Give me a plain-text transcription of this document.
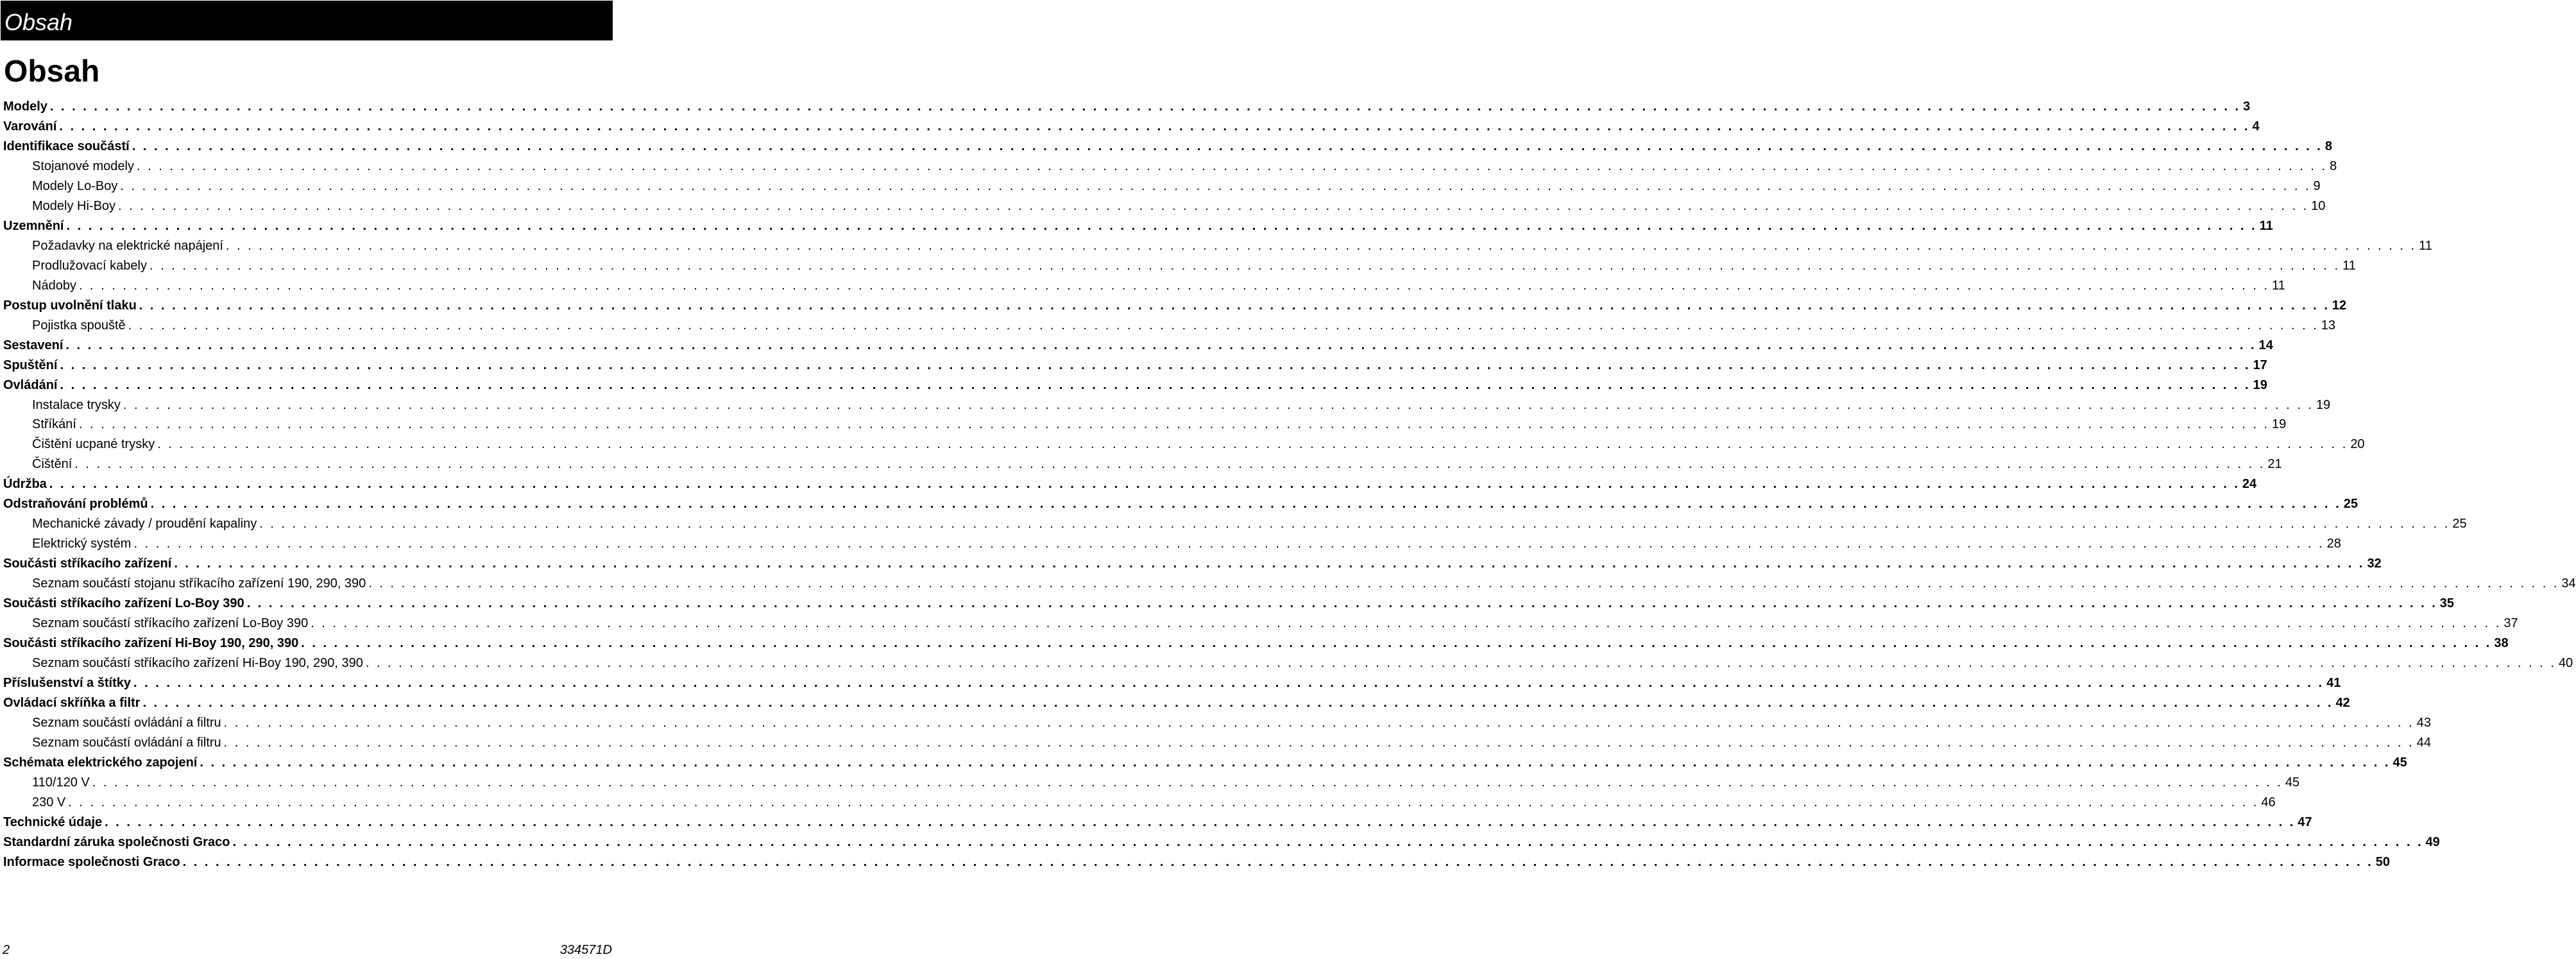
Obsah
Obsah
Modely . . . . . . . . . . . . . . . . . . . . . . . . . . . . . . . . . . . . . . . . . . . . . . . . . . . . . . . . . . . . . . . . . . . . . . . . . . . . . . . . . . . . . . . . . . . . . . . . . . . . . . . . . . . . . . . . . . . . . . . . . . . . . . . . . . . . . . . . . . . . . . . . . . . . . . . . . . . . . . . . . . . . . . . . . . . . . . . . . . . . . . . . . . . . . . . . . . . . . . . . 3
Varování . . . . . . . . . . . . . . . . . . . . . . . . . . . . . . . . . . . . . . . . . . . . . . . . . . . . . . . . . . . . . . . . . . . . . . . . . . . . . . . . . . . . . . . . . . . . . . . . . . . . . . . . . . . . . . . . . . . . . . . . . . . . . . . . . . . . . . . . . . . . . . . . . . . . . . . . . . . . . . . . . . . . . . . . . . . . . . . . . . . . . . . . . . . . . . . . . . . . . . . . 4
Identifikace součástí . . . . . . . . . . . . . . . . . . . . . . . . . . . . . . . . . . . . . . . . . . . . . . . . . . . . . . . . . . . . . . . . . . . . . . . . . . . . . . . . . . . . . . . . . . . . . . . . . . . . . . . . . . . . . . . . . . . . . . . . . . . . . . . . . . . . . . . . . . . . . . . . . . . . . . . . . . . . . . . . . . . . . . . . . . . . . . . . . . . . . . . . . . . . . . . . . . . . . . . . 8
Stojanové modely . . . . . . . . . . . . . . . . . . . . . . . . . . . . . . . . . . . . . . . . . . . . . . . . . . . . . . . . . . . . . . . . . . . . . . . . . . . . . . . . . . . . . . . . . . . . . . . . . . . . . . . . . . . . . . . . . . . . . . . . . . . . . . . . . . . . . . . . . . . . . . . . . . . . . . . . . . . . . . . . . . . . . . . . . . . . . . . . . . . . . . . . . . . . . . . . . . . . . . . . 8
Modely Lo-Boy . . . . . . . . . . . . . . . . . . . . . . . . . . . . . . . . . . . . . . . . . . . . . . . . . . . . . . . . . . . . . . . . . . . . . . . . . . . . . . . . . . . . . . . . . . . . . . . . . . . . . . . . . . . . . . . . . . . . . . . . . . . . . . . . . . . . . . . . . . . . . . . . . . . . . . . . . . . . . . . . . . . . . . . . . . . . . . . . . . . . . . . . . . . . . . . . . . . . . . . . 9
Modely Hi-Boy . . . . . . . . . . . . . . . . . . . . . . . . . . . . . . . . . . . . . . . . . . . . . . . . . . . . . . . . . . . . . . . . . . . . . . . . . . . . . . . . . . . . . . . . . . . . . . . . . . . . . . . . . . . . . . . . . . . . . . . . . . . . . . . . . . . . . . . . . . . . . . . . . . . . . . . . . . . . . . . . . . . . . . . . . . . . . . . . . . . . . . . . . . . . . . . . . . . . . . . . 10
Uzemnění . . . . . . . . . . . . . . . . . . . . . . . . . . . . . . . . . . . . . . . . . . . . . . . . . . . . . . . . . . . . . . . . . . . . . . . . . . . . . . . . . . . . . . . . . . . . . . . . . . . . . . . . . . . . . . . . . . . . . . . . . . . . . . . . . . . . . . . . . . . . . . . . . . . . . . . . . . . . . . . . . . . . . . . . . . . . . . . . . . . . . . . . . . . . . . . . . . . . . . . . 11
Požadavky na elektrické napájení . . . . . . . . . . . . . . . . . . . . . . . . . . . . . . . . . . . . . . . . . . . . . . . . . . . . . . . . . . . . . . . . . . . . . . . . . . . . . . . . . . . . . . . . . . . . . . . . . . . . . . . . . . . . . . . . . . . . . . . . . . . . . . . . . . . . . . . . . . . . . . . . . . . . . . . . . . . . . . . . . . . . . . . . . . . . . . . . . . . . . . . . . . . . . . . . . . . . . . . . 11
Prodlužovací kabely . . . . . . . . . . . . . . . . . . . . . . . . . . . . . . . . . . . . . . . . . . . . . . . . . . . . . . . . . . . . . . . . . . . . . . . . . . . . . . . . . . . . . . . . . . . . . . . . . . . . . . . . . . . . . . . . . . . . . . . . . . . . . . . . . . . . . . . . . . . . . . . . . . . . . . . . . . . . . . . . . . . . . . . . . . . . . . . . . . . . . . . . . . . . . . . . . . . . . . . . 11
Nádoby . . . . . . . . . . . . . . . . . . . . . . . . . . . . . . . . . . . . . . . . . . . . . . . . . . . . . . . . . . . . . . . . . . . . . . . . . . . . . . . . . . . . . . . . . . . . . . . . . . . . . . . . . . . . . . . . . . . . . . . . . . . . . . . . . . . . . . . . . . . . . . . . . . . . . . . . . . . . . . . . . . . . . . . . . . . . . . . . . . . . . . . . . . . . . . . . . . . . . . . . 11
Postup uvolnění tlaku . . . . . . . . . . . . . . . . . . . . . . . . . . . . . . . . . . . . . . . . . . . . . . . . . . . . . . . . . . . . . . . . . . . . . . . . . . . . . . . . . . . . . . . . . . . . . . . . . . . . . . . . . . . . . . . . . . . . . . . . . . . . . . . . . . . . . . . . . . . . . . . . . . . . . . . . . . . . . . . . . . . . . . . . . . . . . . . . . . . . . . . . . . . . . . . . . . . . . . . . 12
Pojistka spouště . . . . . . . . . . . . . . . . . . . . . . . . . . . . . . . . . . . . . . . . . . . . . . . . . . . . . . . . . . . . . . . . . . . . . . . . . . . . . . . . . . . . . . . . . . . . . . . . . . . . . . . . . . . . . . . . . . . . . . . . . . . . . . . . . . . . . . . . . . . . . . . . . . . . . . . . . . . . . . . . . . . . . . . . . . . . . . . . . . . . . . . . . . . . . . . . . . . . . . . . 13
Sestavení . . . . . . . . . . . . . . . . . . . . . . . . . . . . . . . . . . . . . . . . . . . . . . . . . . . . . . . . . . . . . . . . . . . . . . . . . . . . . . . . . . . . . . . . . . . . . . . . . . . . . . . . . . . . . . . . . . . . . . . . . . . . . . . . . . . . . . . . . . . . . . . . . . . . . . . . . . . . . . . . . . . . . . . . . . . . . . . . . . . . . . . . . . . . . . . . . . . . . . . . 14
Spuštění . . . . . . . . . . . . . . . . . . . . . . . . . . . . . . . . . . . . . . . . . . . . . . . . . . . . . . . . . . . . . . . . . . . . . . . . . . . . . . . . . . . . . . . . . . . . . . . . . . . . . . . . . . . . . . . . . . . . . . . . . . . . . . . . . . . . . . . . . . . . . . . . . . . . . . . . . . . . . . . . . . . . . . . . . . . . . . . . . . . . . . . . . . . . . . . . . . . . . . . . 17
Ovládání . . . . . . . . . . . . . . . . . . . . . . . . . . . . . . . . . . . . . . . . . . . . . . . . . . . . . . . . . . . . . . . . . . . . . . . . . . . . . . . . . . . . . . . . . . . . . . . . . . . . . . . . . . . . . . . . . . . . . . . . . . . . . . . . . . . . . . . . . . . . . . . . . . . . . . . . . . . . . . . . . . . . . . . . . . . . . . . . . . . . . . . . . . . . . . . . . . . . . . . . 19
Instalace trysky . . . . . . . . . . . . . . . . . . . . . . . . . . . . . . . . . . . . . . . . . . . . . . . . . . . . . . . . . . . . . . . . . . . . . . . . . . . . . . . . . . . . . . . . . . . . . . . . . . . . . . . . . . . . . . . . . . . . . . . . . . . . . . . . . . . . . . . . . . . . . . . . . . . . . . . . . . . . . . . . . . . . . . . . . . . . . . . . . . . . . . . . . . . . . . . . . . . . . . . . 19
Stříkání . . . . . . . . . . . . . . . . . . . . . . . . . . . . . . . . . . . . . . . . . . . . . . . . . . . . . . . . . . . . . . . . . . . . . . . . . . . . . . . . . . . . . . . . . . . . . . . . . . . . . . . . . . . . . . . . . . . . . . . . . . . . . . . . . . . . . . . . . . . . . . . . . . . . . . . . . . . . . . . . . . . . . . . . . . . . . . . . . . . . . . . . . . . . . . . . . . . . . . . . 19
Čištění ucpané trysky . . . . . . . . . . . . . . . . . . . . . . . . . . . . . . . . . . . . . . . . . . . . . . . . . . . . . . . . . . . . . . . . . . . . . . . . . . . . . . . . . . . . . . . . . . . . . . . . . . . . . . . . . . . . . . . . . . . . . . . . . . . . . . . . . . . . . . . . . . . . . . . . . . . . . . . . . . . . . . . . . . . . . . . . . . . . . . . . . . . . . . . . . . . . . . . . . . . . . . . . 20
Čištění . . . . . . . . . . . . . . . . . . . . . . . . . . . . . . . . . . . . . . . . . . . . . . . . . . . . . . . . . . . . . . . . . . . . . . . . . . . . . . . . . . . . . . . . . . . . . . . . . . . . . . . . . . . . . . . . . . . . . . . . . . . . . . . . . . . . . . . . . . . . . . . . . . . . . . . . . . . . . . . . . . . . . . . . . . . . . . . . . . . . . . . . . . . . . . . . . . . . . . . . 21
Údržba . . . . . . . . . . . . . . . . . . . . . . . . . . . . . . . . . . . . . . . . . . . . . . . . . . . . . . . . . . . . . . . . . . . . . . . . . . . . . . . . . . . . . . . . . . . . . . . . . . . . . . . . . . . . . . . . . . . . . . . . . . . . . . . . . . . . . . . . . . . . . . . . . . . . . . . . . . . . . . . . . . . . . . . . . . . . . . . . . . . . . . . . . . . . . . . . . . . . . . . . 24
Odstraňování problémů . . . . . . . . . . . . . . . . . . . . . . . . . . . . . . . . . . . . . . . . . . . . . . . . . . . . . . . . . . . . . . . . . . . . . . . . . . . . . . . . . . . . . . . . . . . . . . . . . . . . . . . . . . . . . . . . . . . . . . . . . . . . . . . . . . . . . . . . . . . . . . . . . . . . . . . . . . . . . . . . . . . . . . . . . . . . . . . . . . . . . . . . . . . . . . . . . . . . . . . . 25
Mechanické závady / proudění kapaliny . . . . . . . . . . . . . . . . . . . . . . . . . . . . . . . . . . . . . . . . . . . . . . . . . . . . . . . . . . . . . . . . . . . . . . . . . . . . . . . . . . . . . . . . . . . . . . . . . . . . . . . . . . . . . . . . . . . . . . . . . . . . . . . . . . . . . . . . . . . . . . . . . . . . . . . . . . . . . . . . . . . . . . . . . . . . . . . . . . . . . . . . . . . . . . . . . . . . . . . . 25
Elektrický systém . . . . . . . . . . . . . . . . . . . . . . . . . . . . . . . . . . . . . . . . . . . . . . . . . . . . . . . . . . . . . . . . . . . . . . . . . . . . . . . . . . . . . . . . . . . . . . . . . . . . . . . . . . . . . . . . . . . . . . . . . . . . . . . . . . . . . . . . . . . . . . . . . . . . . . . . . . . . . . . . . . . . . . . . . . . . . . . . . . . . . . . . . . . . . . . . . . . . . . . . 28
Součásti stříkacího zařízení . . . . . . . . . . . . . . . . . . . . . . . . . . . . . . . . . . . . . . . . . . . . . . . . . . . . . . . . . . . . . . . . . . . . . . . . . . . . . . . . . . . . . . . . . . . . . . . . . . . . . . . . . . . . . . . . . . . . . . . . . . . . . . . . . . . . . . . . . . . . . . . . . . . . . . . . . . . . . . . . . . . . . . . . . . . . . . . . . . . . . . . . . . . . . . . . . . . . . . . . 32
Seznam součástí stojanu stříkacího zařízení 190, 290, 390 . . . . . . . . . . . . . . . . . . . . . . . . . . . . . . . . . . . . . . . . . . . . . . . . . . . . . . . . . . . . . . . . . . . . . . . . . . . . . . . . . . . . . . . . . . . . . . . . . . . . . . . . . . . . . . . . . . . . . . . . . . . . . . . . . . . . . . . . . . . . . . . . . . . . . . . . . . . . . . . . . . . . . . . . . . . . . . . . . . . . . . . . . . . . . . . . . . . . . . . . 34
Součásti stříkacího zařízení Lo-Boy 390 . . . . . . . . . . . . . . . . . . . . . . . . . . . . . . . . . . . . . . . . . . . . . . . . . . . . . . . . . . . . . . . . . . . . . . . . . . . . . . . . . . . . . . . . . . . . . . . . . . . . . . . . . . . . . . . . . . . . . . . . . . . . . . . . . . . . . . . . . . . . . . . . . . . . . . . . . . . . . . . . . . . . . . . . . . . . . . . . . . . . . . . . . . . . . . . . . . . . . . . . 35
Seznam součástí stříkacího zařízení Lo-Boy 390 . . . . . . . . . . . . . . . . . . . . . . . . . . . . . . . . . . . . . . . . . . . . . . . . . . . . . . . . . . . . . . . . . . . . . . . . . . . . . . . . . . . . . . . . . . . . . . . . . . . . . . . . . . . . . . . . . . . . . . . . . . . . . . . . . . . . . . . . . . . . . . . . . . . . . . . . . . . . . . . . . . . . . . . . . . . . . . . . . . . . . . . . . . . . . . . . . . . . . . . . 37
Součásti stříkacího zařízení Hi-Boy 190, 290, 390 . . . . . . . . . . . . . . . . . . . . . . . . . . . . . . . . . . . . . . . . . . . . . . . . . . . . . . . . . . . . . . . . . . . . . . . . . . . . . . . . . . . . . . . . . . . . . . . . . . . . . . . . . . . . . . . . . . . . . . . . . . . . . . . . . . . . . . . . . . . . . . . . . . . . . . . . . . . . . . . . . . . . . . . . . . . . . . . . . . . . . . . . . . . . . . . . . . . . . . . . 38
Seznam součástí stříkacího zařízení Hi-Boy 190, 290, 390 . . . . . . . . . . . . . . . . . . . . . . . . . . . . . . . . . . . . . . . . . . . . . . . . . . . . . . . . . . . . . . . . . . . . . . . . . . . . . . . . . . . . . . . . . . . . . . . . . . . . . . . . . . . . . . . . . . . . . . . . . . . . . . . . . . . . . . . . . . . . . . . . . . . . . . . . . . . . . . . . . . . . . . . . . . . . . . . . . . . . . . . . . . . . . . . . . . . . . . . . 40
Příslušenství a štítky . . . . . . . . . . . . . . . . . . . . . . . . . . . . . . . . . . . . . . . . . . . . . . . . . . . . . . . . . . . . . . . . . . . . . . . . . . . . . . . . . . . . . . . . . . . . . . . . . . . . . . . . . . . . . . . . . . . . . . . . . . . . . . . . . . . . . . . . . . . . . . . . . . . . . . . . . . . . . . . . . . . . . . . . . . . . . . . . . . . . . . . . . . . . . . . . . . . . . . . . 41
Ovládací skříňka a filtr . . . . . . . . . . . . . . . . . . . . . . . . . . . . . . . . . . . . . . . . . . . . . . . . . . . . . . . . . . . . . . . . . . . . . . . . . . . . . . . . . . . . . . . . . . . . . . . . . . . . . . . . . . . . . . . . . . . . . . . . . . . . . . . . . . . . . . . . . . . . . . . . . . . . . . . . . . . . . . . . . . . . . . . . . . . . . . . . . . . . . . . . . . . . . . . . . . . . . . . . 42
Seznam součástí ovládání a filtru . . . . . . . . . . . . . . . . . . . . . . . . . . . . . . . . . . . . . . . . . . . . . . . . . . . . . . . . . . . . . . . . . . . . . . . . . . . . . . . . . . . . . . . . . . . . . . . . . . . . . . . . . . . . . . . . . . . . . . . . . . . . . . . . . . . . . . . . . . . . . . . . . . . . . . . . . . . . . . . . . . . . . . . . . . . . . . . . . . . . . . . . . . . . . . . . . . . . . . . . 43
Seznam součástí ovládání a filtru . . . . . . . . . . . . . . . . . . . . . . . . . . . . . . . . . . . . . . . . . . . . . . . . . . . . . . . . . . . . . . . . . . . . . . . . . . . . . . . . . . . . . . . . . . . . . . . . . . . . . . . . . . . . . . . . . . . . . . . . . . . . . . . . . . . . . . . . . . . . . . . . . . . . . . . . . . . . . . . . . . . . . . . . . . . . . . . . . . . . . . . . . . . . . . . . . . . . . . . . 44
Schémata elektrického zapojení . . . . . . . . . . . . . . . . . . . . . . . . . . . . . . . . . . . . . . . . . . . . . . . . . . . . . . . . . . . . . . . . . . . . . . . . . . . . . . . . . . . . . . . . . . . . . . . . . . . . . . . . . . . . . . . . . . . . . . . . . . . . . . . . . . . . . . . . . . . . . . . . . . . . . . . . . . . . . . . . . . . . . . . . . . . . . . . . . . . . . . . . . . . . . . . . . . . . . . . . 45
110/120 V . . . . . . . . . . . . . . . . . . . . . . . . . . . . . . . . . . . . . . . . . . . . . . . . . . . . . . . . . . . . . . . . . . . . . . . . . . . . . . . . . . . . . . . . . . . . . . . . . . . . . . . . . . . . . . . . . . . . . . . . . . . . . . . . . . . . . . . . . . . . . . . . . . . . . . . . . . . . . . . . . . . . . . . . . . . . . . . . . . . . . . . . . . . . . . . . . . . . . . . . 45
230 V . . . . . . . . . . . . . . . . . . . . . . . . . . . . . . . . . . . . . . . . . . . . . . . . . . . . . . . . . . . . . . . . . . . . . . . . . . . . . . . . . . . . . . . . . . . . . . . . . . . . . . . . . . . . . . . . . . . . . . . . . . . . . . . . . . . . . . . . . . . . . . . . . . . . . . . . . . . . . . . . . . . . . . . . . . . . . . . . . . . . . . . . . . . . . . . . . . . . . . . . 46
Technické údaje . . . . . . . . . . . . . . . . . . . . . . . . . . . . . . . . . . . . . . . . . . . . . . . . . . . . . . . . . . . . . . . . . . . . . . . . . . . . . . . . . . . . . . . . . . . . . . . . . . . . . . . . . . . . . . . . . . . . . . . . . . . . . . . . . . . . . . . . . . . . . . . . . . . . . . . . . . . . . . . . . . . . . . . . . . . . . . . . . . . . . . . . . . . . . . . . . . . . . . . . 47
Standardní záruka společnosti Graco . . . . . . . . . . . . . . . . . . . . . . . . . . . . . . . . . . . . . . . . . . . . . . . . . . . . . . . . . . . . . . . . . . . . . . . . . . . . . . . . . . . . . . . . . . . . . . . . . . . . . . . . . . . . . . . . . . . . . . . . . . . . . . . . . . . . . . . . . . . . . . . . . . . . . . . . . . . . . . . . . . . . . . . . . . . . . . . . . . . . . . . . . . . . . . . . . . . . . . . . 49
Informace společnosti Graco . . . . . . . . . . . . . . . . . . . . . . . . . . . . . . . . . . . . . . . . . . . . . . . . . . . . . . . . . . . . . . . . . . . . . . . . . . . . . . . . . . . . . . . . . . . . . . . . . . . . . . . . . . . . . . . . . . . . . . . . . . . . . . . . . . . . . . . . . . . . . . . . . . . . . . . . . . . . . . . . . . . . . . . . . . . . . . . . . . . . . . . . . . . . . . . . . . . . . . . . 50
2	334571D
